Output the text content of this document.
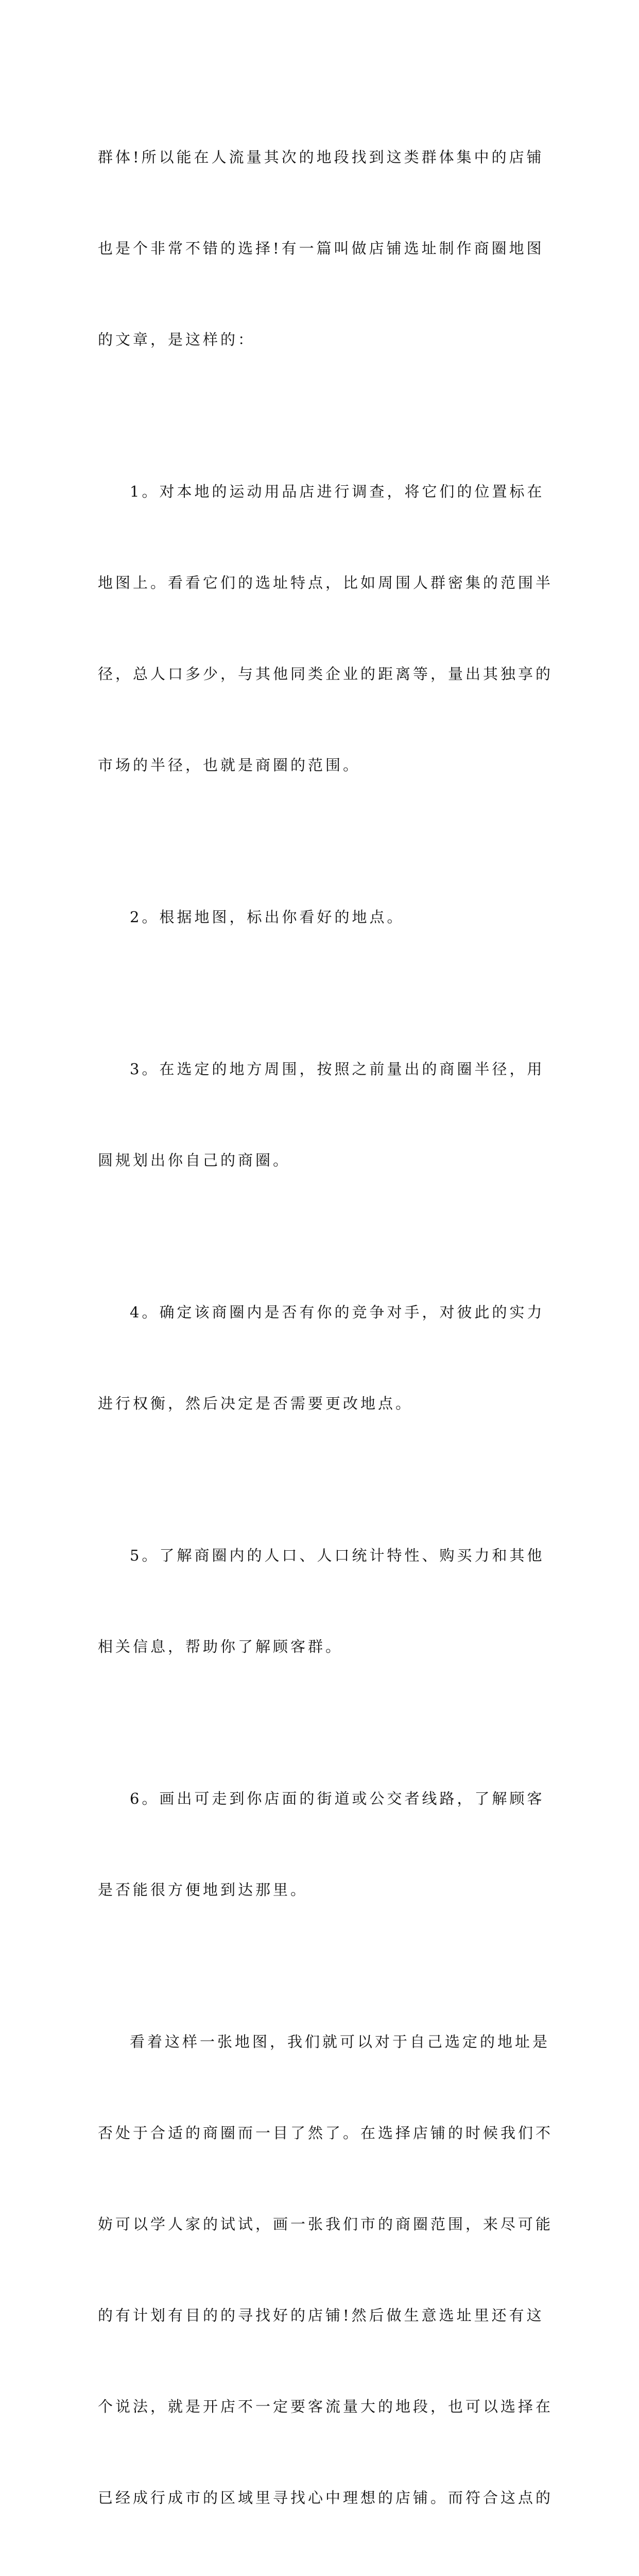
群体!所以能在人流量其次的地段找到这类群体集中的店铺

也是个非常不错的选择!有一篇叫做店铺选址制作商圈地图

的文章，是这样的：

1。对本地的运动用品店进行调查，将它们的位置标在

地图上。看看它们的选址特点，比如周围人群密集的范围半

径，总人口多少，与其他同类企业的距离等，量出其独享的

市场的半径，也就是商圈的范围。

2。根据地图，标出你看好的地点。

3。在选定的地方周围，按照之前量出的商圈半径，用

圆规划出你自己的商圈。

4。确定该商圈内是否有你的竞争对手，对彼此的实力

进行权衡，然后决定是否需要更改地点。

5。了解商圈内的人口、人口统计特性、购买力和其他

相关信息，帮助你了解顾客群。

6。画出可走到你店面的街道或公交者线路，了解顾客

是否能很方便地到达那里。

看着这样一张地图，我们就可以对于自己选定的地址是

否处于合适的商圈而一目了然了。在选择店铺的时候我们不

妨可以学人家的试试，画一张我们市的商圈范围，来尽可能

的有计划有目的的寻找好的店铺!然后做生意选址里还有这

个说法，就是开店不一定要客流量大的地段，也可以选择在

已经成行成市的区域里寻找心中理想的店铺。而符合这点的
